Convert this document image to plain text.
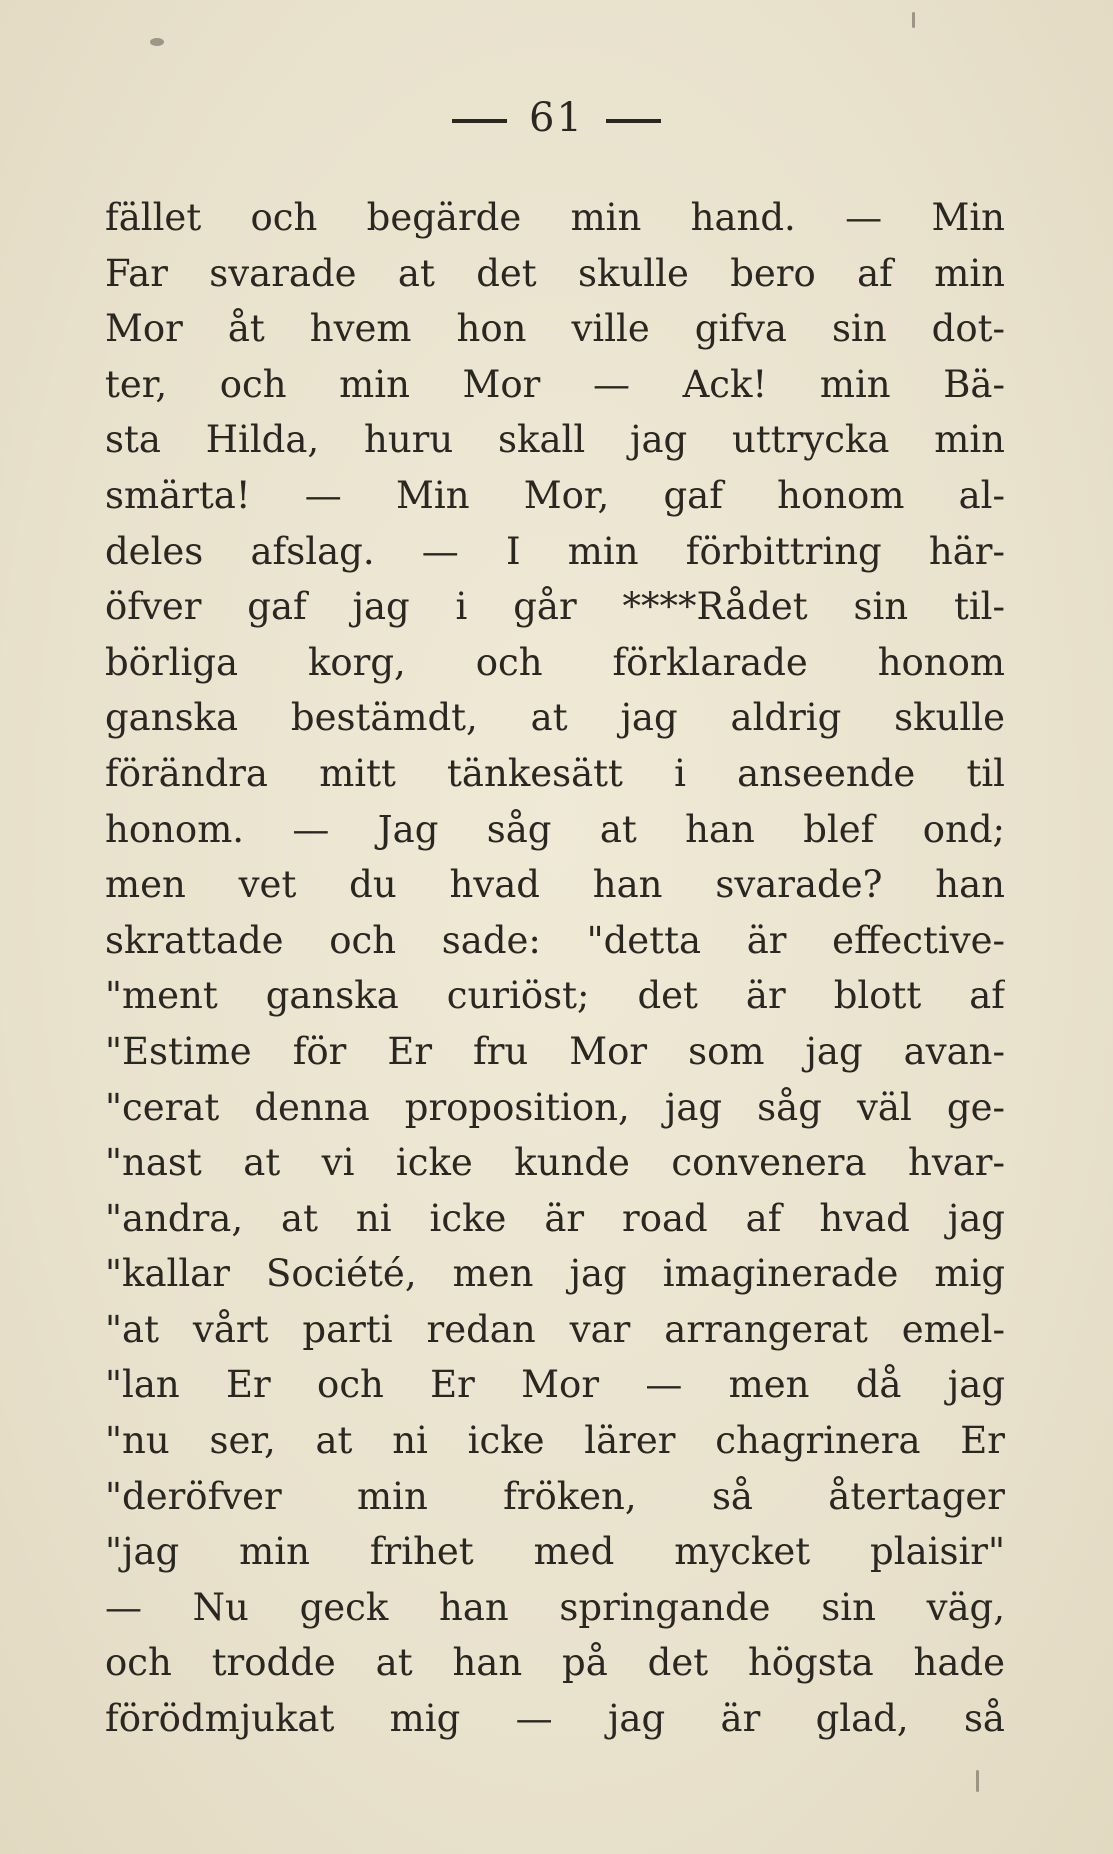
61
fället och begärde min hand. — Min
Far svarade at det skulle bero af min
Mor åt hvem hon ville gifva sin dot-
ter, och min Mor — Ack! min Bä-
sta Hilda, huru skall jag uttrycka min
smärta! — Min Mor, gaf honom al-
deles afslag. — I min förbittring här-
öfver gaf jag i går ****Rådet sin til-
börliga korg, och förklarade honom
ganska bestämdt, at jag aldrig skulle
förändra mitt tänkesätt i anseende til
honom. — Jag såg at han blef ond;
men vet du hvad han svarade? han
skrattade och sade: "detta är effective-
"ment ganska curiöst; det är blott af
"Estime för Er fru Mor som jag avan-
"cerat denna proposition, jag såg väl ge-
"nast at vi icke kunde convenera hvar-
"andra, at ni icke är road af hvad jag
"kallar Société, men jag imaginerade mig
"at vårt parti redan var arrangerat emel-
"lan Er och Er Mor — men då jag
"nu ser, at ni icke lärer chagrinera Er
"deröfver min fröken, så återtager
"jag min frihet med mycket plaisir"
— Nu geck han springande sin väg,
och trodde at han på det högsta hade
förödmjukat mig — jag är glad, så
